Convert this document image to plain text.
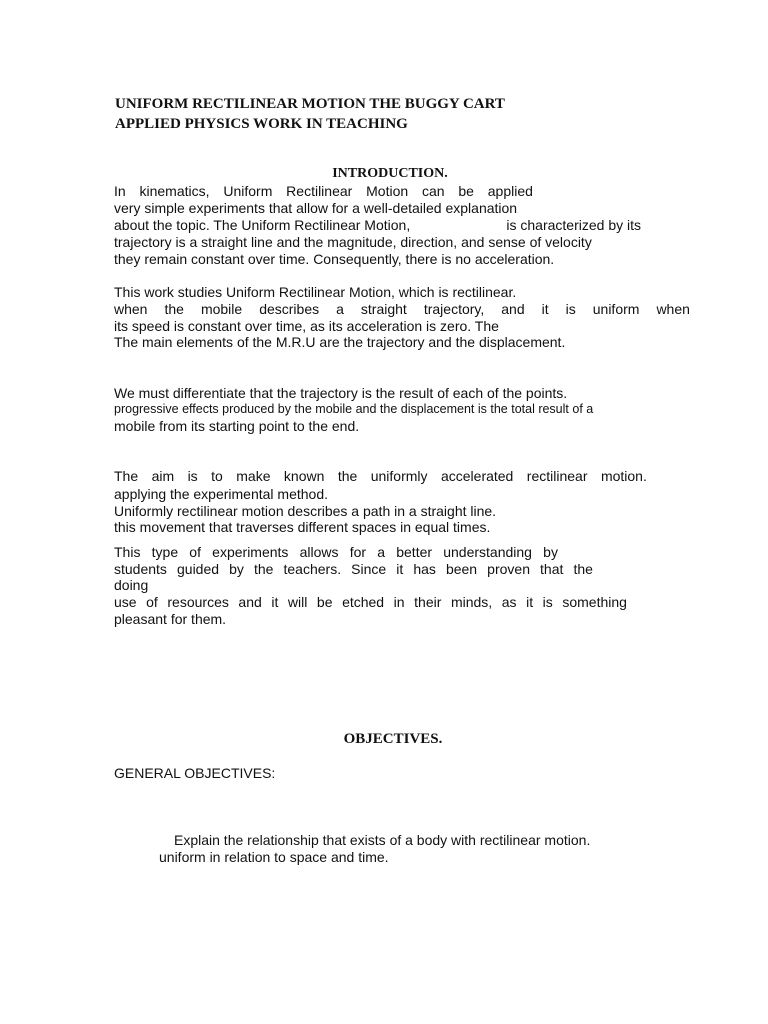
UNIFORM RECTILINEAR MOTION THE BUGGY CART
APPLIED PHYSICS WORK IN TEACHING
INTRODUCTION.
In kinematics, Uniform Rectilinear Motion can be applied
very simple experiments that allow for a well-detailed explanation
about the topic. The Uniform Rectilinear Motion,	is characterized by its
trajectory is a straight line and the magnitude, direction, and sense of velocity
they remain constant over time. Consequently, there is no acceleration.
This work studies Uniform Rectilinear Motion, which is rectilinear.
when the mobile describes a straight trajectory, and it is uniform when
its speed is constant over time, as its acceleration is zero. The
The main elements of the M.R.U are the trajectory and the displacement.
We must differentiate that the trajectory is the result of each of the points.
progressive effects produced by the mobile and the displacement is the total result of a
mobile from its starting point to the end.
The aim is to make known the uniformly accelerated rectilinear motion.
applying the experimental method.
Uniformly rectilinear motion describes a path in a straight line.
this movement that traverses different spaces in equal times.
This type of experiments allows for a better understanding by
students guided by the teachers. Since it has been proven that the
doing
use of resources and it will be etched in their minds, as it is something
pleasant for them.
OBJECTIVES.
GENERAL OBJECTIVES:
Explain the relationship that exists of a body with rectilinear motion.
uniform in relation to space and time.
